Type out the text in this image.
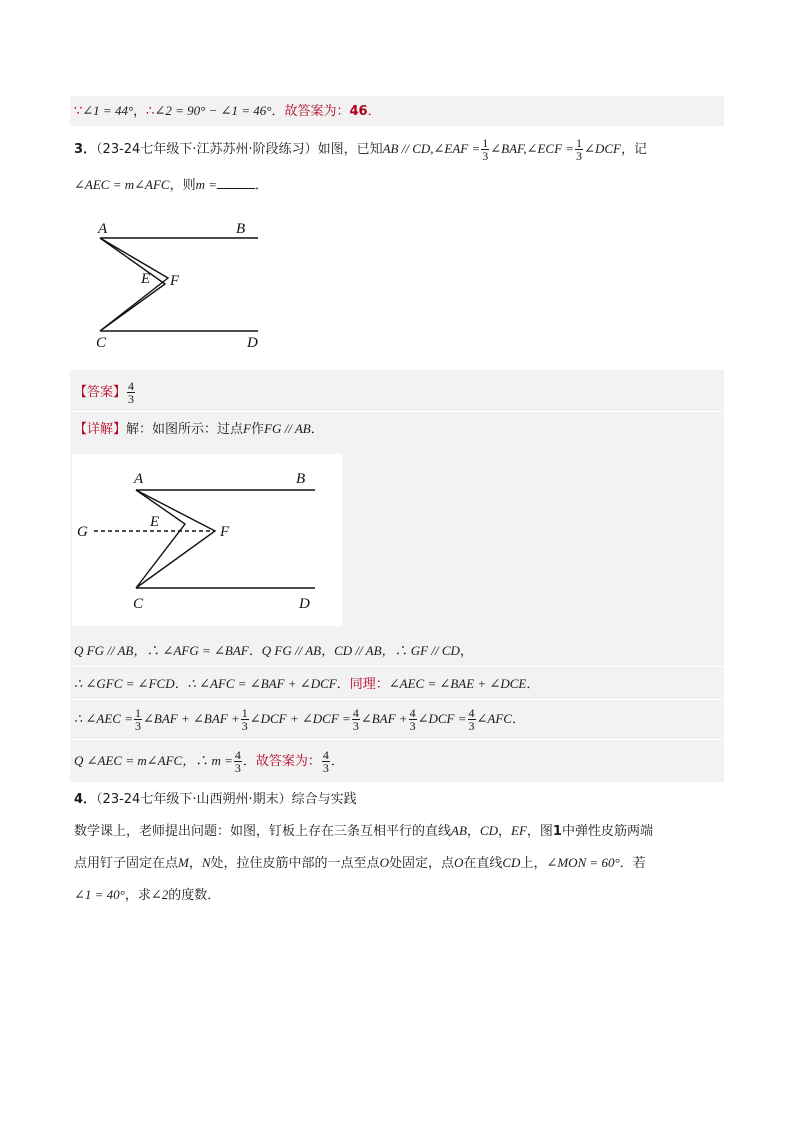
∵∠1 = 44°，∴∠2 = 90° − ∠1 = 46°．故答案为：46．
3．（23-24七年级下·江苏苏州·阶段练习）如图，已知AB // CD,∠EAF = $\frac{1}{3}$ ∠BAF,∠ECF = $\frac{1}{3}$ ∠DCF，记
∠AEC = m∠AFC，则m =	．
A	B
C	D
E F
【答案】 $\frac{4}{3}$
【详解】解：如图所示：过点F作FG // AB．
A	B
C	D
E
F
G
Q FG // AB，∴ ∠AFG = ∠BAF．Q FG // AB，CD // AB，∴ GF // CD，
∴ ∠GFC = ∠FCD．∴ ∠AFC = ∠BAF + ∠DCF．同理：∠AEC = ∠BAE + ∠DCE．
∴ ∠AEC = $\frac{1}{3}$ ∠BAF + ∠BAF + $\frac{1}{3}$ ∠DCF + ∠DCF = $\frac{4}{3}$ ∠BAF + $\frac{4}{3}$ ∠DCF = $\frac{4}{3}$ ∠AFC．
Q ∠AEC = m∠AFC，∴ $m = \frac{4}{3}$ ．故答案为： $\frac{4}{3}$ ．
4．（23-24七年级下·山西朔州·期末）综合与实践
数学课上，老师提出问题：如图，钉板上存在三条互相平行的直线AB，CD，EF，图1中弹性皮筋两端
点用钉子固定在点M，N处，拉住皮筋中部的一点至点O处固定，点O在直线CD上，∠MON = 60°．若
∠1 = 40°，求∠2的度数．
